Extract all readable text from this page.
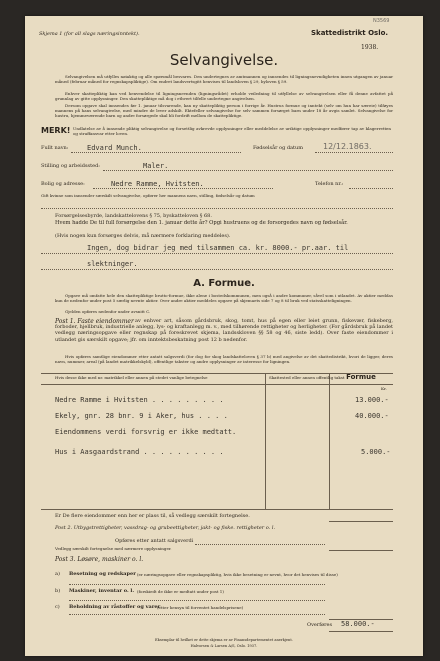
Skjema 1 (for all slags næringsinntekt).	Skattedistrikt Oslo.
N3569
1938.
Selvangivelse.
Selvangivelsen må utfylles nøiaktig og alle spørsmål besvares. Den undertegnes av amtmannen og innsendes til ligningsnevndigheten innen utgangen av januar måned (februar måned for regnskapspliktige). Om endret landsvertsgitt henvises til landsloven § 29, byloven § 59.
Enhver skattepliktig kan ved henvendelse til ligningsnevnden (ligningsrådet) erholde veiledning til utfyllelse av selvangivelsen eller få denne avfattet på grunnlag av gitte opplysninger. Den skattepliktige må dog i ethvert tilfelle undertegne angivelsen.
Dersom opgave skal innsendes før 1. januar tilsvarende, kan ny skattepliktig person i forrige år. Hustrus formue og inntekt (selv om hun har særeie) tilføyes mannens på hans selvangivelse, med mindre de lever adskilt. Ektefeller selvangivelse for selv sammen forsørget barn under 18 år avgis samlet. Selvangivelse for hustru, hjemmeværende barn og andre forsørgede skal bli fordrift mellom de skattepliktige.
MERK! Undlatelse av å innsende pliktig selvangivelse og forsettlig avkrevde opplysninger eller meddelelse av uriktige opplysninger medfører tap av klagerretten og straffansvar etter loven.
Fullt navn:	Edvard Munch.	Fødselsår og datum 12/12.1863.
Stilling og arbeidssted:	Maler.
Bolig og adresse:	Nedre Ramme, Hvitsten.	Telefon nr.:
Gift kvinne som innsender særskilt selvangivelse, opfører her mannens navn, stilling, fødselsår og datum
Forsørgelsesbyrde, landskattelovens § 75, byskatteloven § 68.
Hvem hadde De til full forsørgelse den 1. januar dette år? Opgi hustruens og de forsorgedes navn og fødselsår.
(Hvis nogen kun forsørges delvis, må nærmere forklaring meddeles).
Ingen, dog bidrar jeg med tilsammen ca. kr. 8000.- pr.aar. til
slektninger.
A. Formue.
Opgave må omfatte hele den skattepliktige brutto-formue, ikke alene i bostedskommunen, men også i andre kommuner, såvel som i utlandet. Av aktier meddas kun de nedenfor under post 5 særlig nevnte aktier. Over andre aktier meddeles opgave på skjemaets side 7 og 8 til bruk ved statsskatteligningen.
Gjelden opføres nedenfor under avsnitt C.
Post 1. Faste eiendommer av enhver art, såsom gårdsbruk, skog, tomt, hus på egen eller leiet grunn, fiskevær, fiskeberg, forboder, hjellbruk, industrielle anlegg, lys- og kraftanlegg m. v., med tilhørende rettigheter og herligheter. (For gårdsbruk på landet vedlegg næringsopgave eller regnskap på foreskrevet skjema, landsskloven §§ 58 og 46, siste ledd). Over faste eiendommer i utlandet gis særskilt opgave; jfr. om inntektsbeskatning post 12 b nedenfor.
Hvis opføres samtlige eiendommer etter antatt salgsverdi (for dog for skog landskatteloven § 37 b) med angivelse av det skattedistrikt, hvori de ligger, deres navn, nummer, areal (på landet matrikkelskyld), offentlige takster og andre opplysninger av interesse for ligningen.
Hvis desse ikke med nr. matrikkel eller annen på stedet vanlige betegnelse	Skattested eller annen offentlig takst Formue
Kr.
Nedre Ramme i Hvitsten . . . . . . . . .	13.000.-
Ekely, gnr. 28 bnr. 9 i Aker, hus . . . .	40.000.-
Eiendommens verdi forsvrig er ikke medtatt.
Hus i Aasgaardstrand . . . . . . . . . .	5.000.-
Er De flere eiendommer enn her er plass til, så vedlegg særskilt fortegnelse.
Post 2. Utbygstrettigheter, vassdrag- og grubeettigheter, jakt- og fiske. rettigheter o. l.
Opføres etter antatt salgsverdi
Vedlegg særskilt fortegnelse med nærmere opplysninger.
Post 3. Løsøre, maskiner o. l.
a) Besetning og redskaper (er næringsopgave eller regnskapspliktig, hvis ikke besetning er nevnt, hvor det henvises til disse)
b) Maskiner, inventar o. l. (forskiedt de ikke er medtatt under post 1)
c) Beholdning av råstoffer og varer
(etter hensyn til forventet handelsprisene)
Overføres 58.000.-
Eksemplar til hvilket er dette skjema er av Finansdepartementet anerkjent.
Halvorsen & Larsen A/S, Oslo. 1937.
